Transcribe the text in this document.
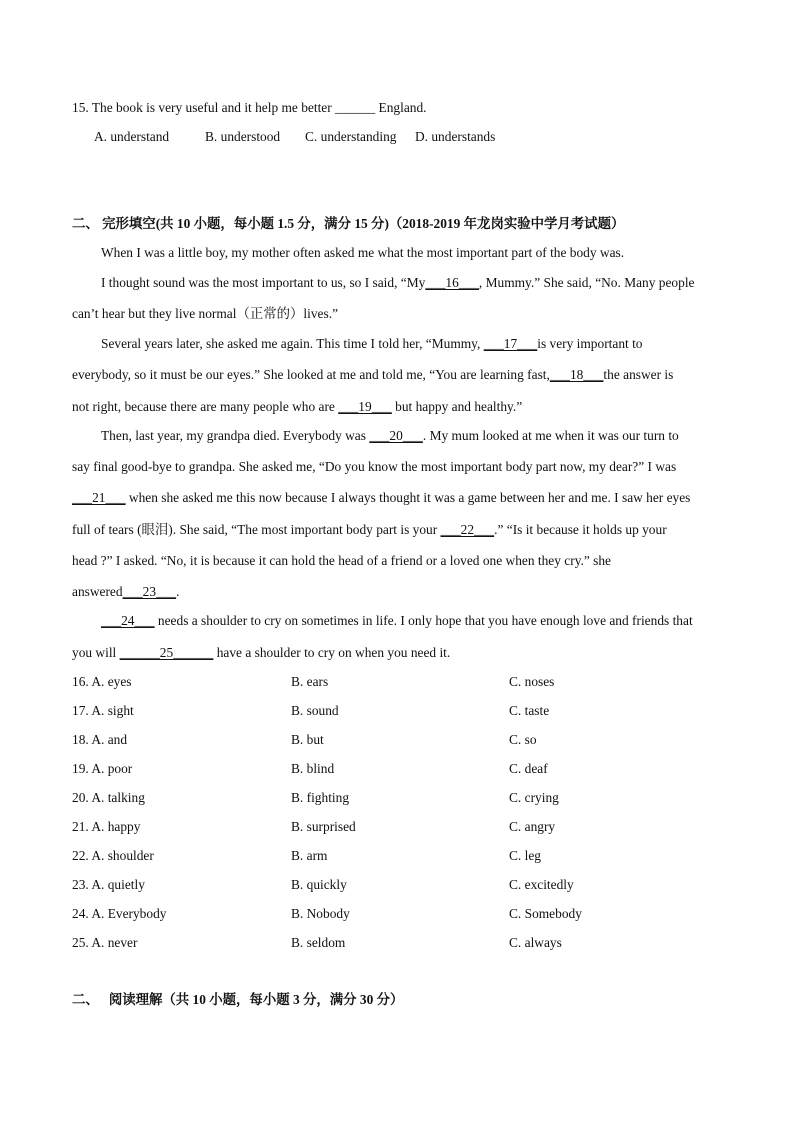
15. The book is very useful and it help me better ______ England.
A. understand	B. understood C. understanding D. understands
二、 完形填空(共 10 小题，每小题 1.5 分，满分 15 分)（2018-2019 年龙岗实验中学月考试题）
When I was a little boy, my mother often asked me what the most important part of the body was.
I thought sound was the most important to us, so I said, “My___16___, Mummy.” She said, “No. Many people
can’t hear but they live normal（正常的）lives.”
Several years later, she asked me again. This time I told her, “Mummy, ___17___is very important to
everybody, so it must be our eyes.” She looked at me and told me, “You are learning fast,___18___the answer is
not right, because there are many people who are ___19___ but happy and healthy.”
Then, last year, my grandpa died. Everybody was ___20___. My mum looked at me when it was our turn to
say final good-bye to grandpa. She asked me, “Do you know the most important body part now, my dear?” I was
___21___ when she asked me this now because I always thought it was a game between her and me. I saw her eyes
full of tears (眼泪). She said, “The most important body part is your ___22___.” “Is it because it holds up your
head ?” I asked. “No, it is because it can hold the head of a friend or a loved one when they cry.” she
answered___23___.
___24___ needs a shoulder to cry on sometimes in life. I only hope that you have enough love and friends that
you will ______25______ have a shoulder to cry on when you need it.
16. A. eyes	B. ears	C. noses
17. A. sight	B. sound	C. taste
18. A. and	B. but	C. so
19. A. poor	B. blind	C. deaf
20. A. talking	B. fighting	C. crying
21. A. happy	B. surprised	C. angry
22. A. shoulder	B. arm	C. leg
23. A. quietly	B. quickly	C. excitedly
24. A. Everybody	B. Nobody	C. Somebody
25. A. never	B. seldom	C. always
二、   阅读理解（共 10 小题，每小题 3 分，满分 30 分）
